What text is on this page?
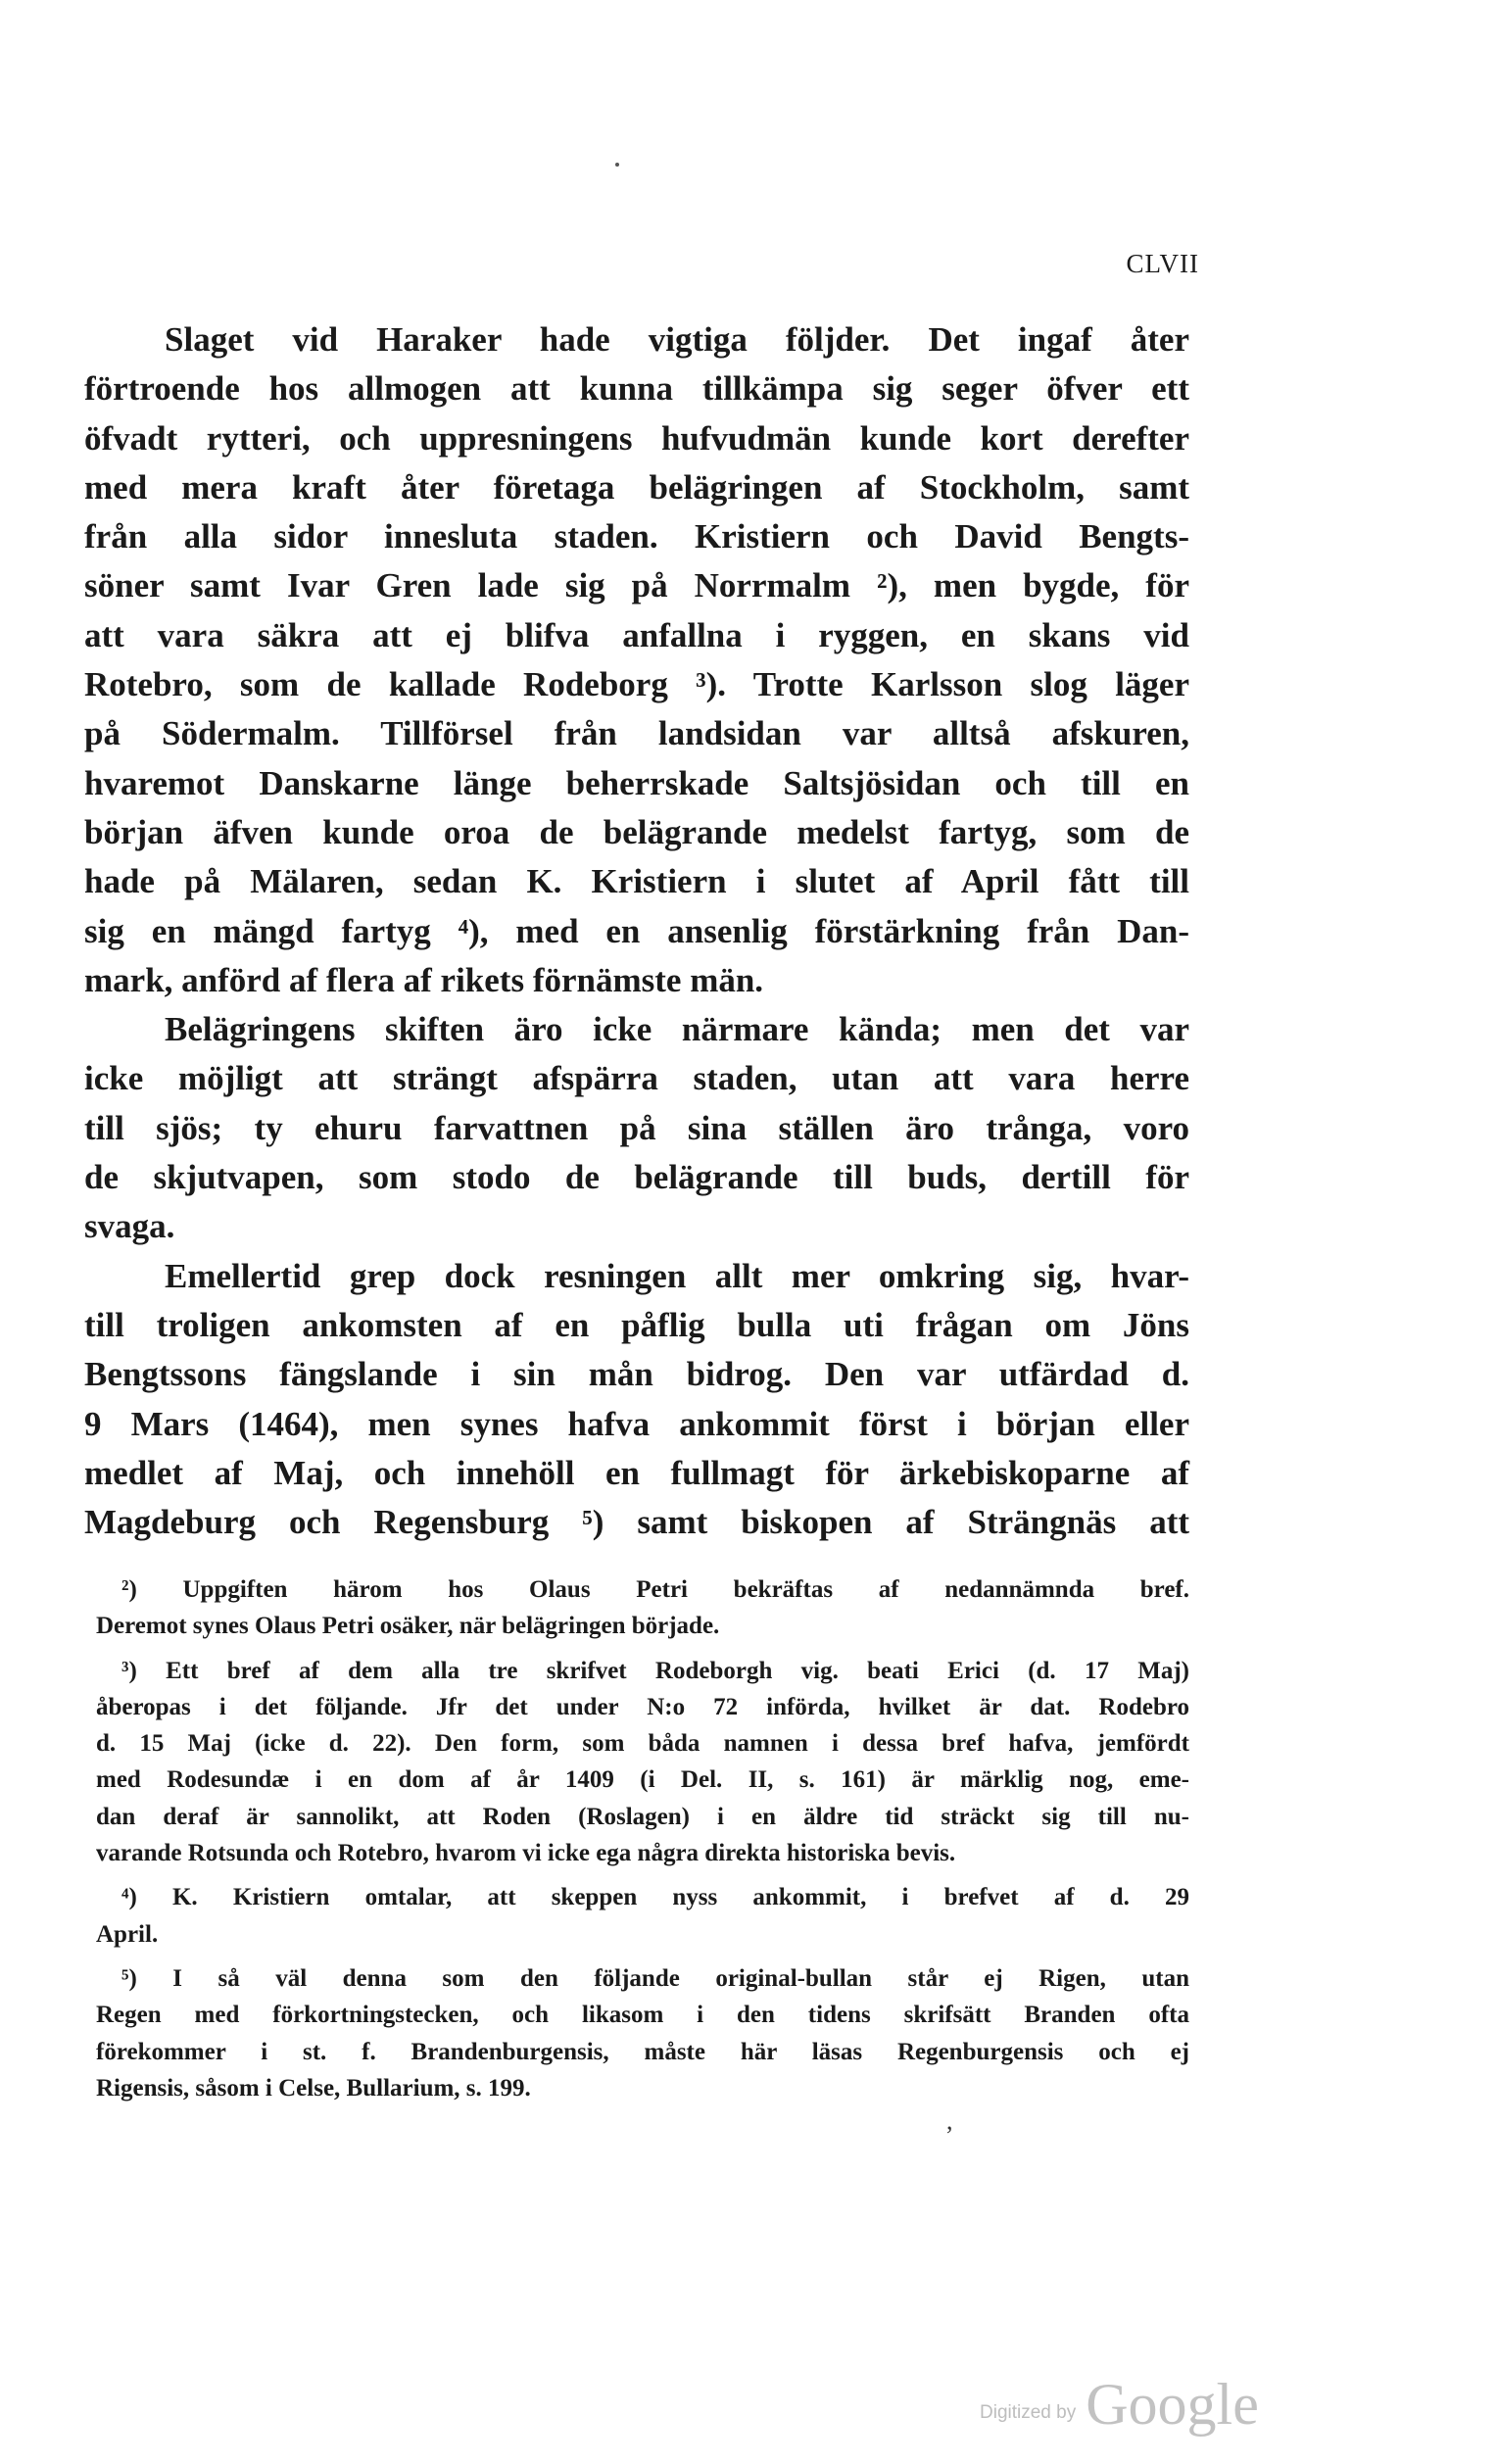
CLVII
Slaget vid Haraker hade vigtiga följder. Det ingaf åter
förtroende hos allmogen att kunna tillkämpa sig seger öfver ett
öfvadt rytteri, och uppresningens hufvudmän kunde kort derefter
med mera kraft åter företaga belägringen af Stockholm, samt
från alla sidor innesluta staden. Kristiern och David Bengts-
söner samt Ivar Gren lade sig på Norrmalm ²), men bygde, för
att vara säkra att ej blifva anfallna i ryggen, en skans vid
Rotebro, som de kallade Rodeborg ³). Trotte Karlsson slog läger
på Södermalm. Tillförsel från landsidan var alltså afskuren,
hvaremot Danskarne länge beherrskade Saltsjösidan och till en
början äfven kunde oroa de belägrande medelst fartyg, som de
hade på Mälaren, sedan K. Kristiern i slutet af April fått till
sig en mängd fartyg ⁴), med en ansenlig förstärkning från Dan-
mark, anförd af flera af rikets förnämste män.
Belägringens skiften äro icke närmare kända; men det var
icke möjligt att strängt afspärra staden, utan att vara herre
till sjös; ty ehuru farvattnen på sina ställen äro trånga, voro
de skjutvapen, som stodo de belägrande till buds, dertill för
svaga.
Emellertid grep dock resningen allt mer omkring sig, hvar-
till troligen ankomsten af en påflig bulla uti frågan om Jöns
Bengtssons fängslande i sin mån bidrog. Den var utfärdad d.
9 Mars (1464), men synes hafva ankommit först i början eller
medlet af Maj, och innehöll en fullmagt för ärkebiskoparne af
Magdeburg och Regensburg ⁵) samt biskopen af Strängnäs att
²) Uppgiften härom hos Olaus Petri bekräftas af nedannämnda bref.
Deremot synes Olaus Petri osäker, när belägringen började.
³) Ett bref af dem alla tre skrifvet Rodeborgh vig. beati Erici (d. 17 Maj)
åberopas i det följande. Jfr det under N:o 72 införda, hvilket är dat. Rodebro
d. 15 Maj (icke d. 22). Den form, som båda namnen i dessa bref hafva, jemfördt
med Rodesundæ i en dom af år 1409 (i Del. II, s. 161) är märklig nog, eme-
dan deraf är sannolikt, att Roden (Roslagen) i en äldre tid sträckt sig till nu-
varande Rotsunda och Rotebro, hvarom vi icke ega några direkta historiska bevis.
⁴) K. Kristiern omtalar, att skeppen nyss ankommit, i brefvet af d. 29
April.
⁵) I så väl denna som den följande original-bullan står ej Rigen, utan
Regen med förkortningstecken, och likasom i den tidens skrifsätt Branden ofta
förekommer i st. f. Brandenburgensis, måste här läsas Regenburgensis och ej
Rigensis, såsom i Celse, Bullarium, s. 199.
,
Digitized by Google
